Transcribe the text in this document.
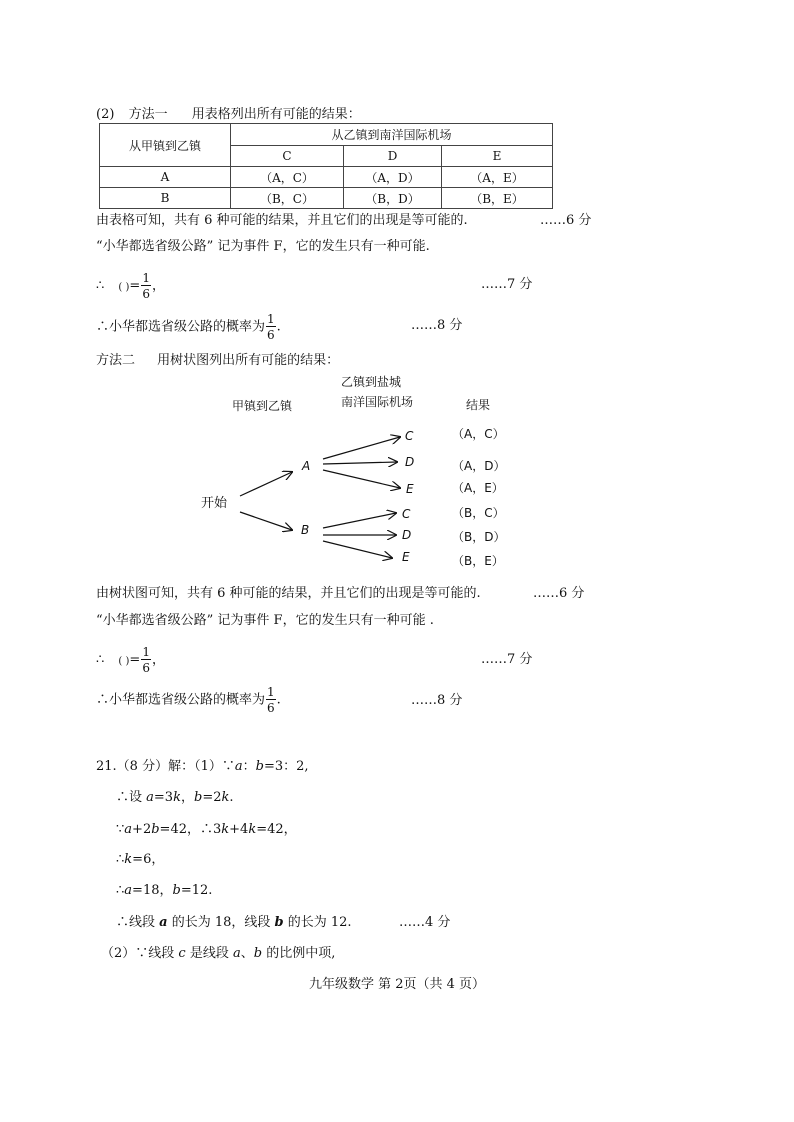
(2) 方法一 用表格列出所有可能的结果：
从甲镇到乙镇	从乙镇到南洋国际机场		
	C	D	E
A	（A，C）	（A，D）	（A，E）
B	（B，C）	（B，D）	（B，E）
由表格可知，共有 6 种可能的结果，并且它们的出现是等可能的.	……6 分
“小华都选省级公路” 记为事件 F，它的发生只有一种可能.
∴ ( )= $\frac{1}{6}$ ，	……7 分
∴小华都选省级公路的概率为 $\frac{1}{6}$ .	……8 分
方法二 用树状图列出所有可能的结果：
甲镇到乙镇
乙镇到盐城
南洋国际机场	结果
开始
A
B
C
D
E
C
D
E
（A，C）
（A，D）
（A，E）
（B，C）
（B，D）
（B，E）
由树状图可知，共有 6 种可能的结果，并且它们的出现是等可能的.	……6 分
“小华都选省级公路” 记为事件 F，它的发生只有一种可能 .
∴ ( )= $\frac{1}{6}$ ，	……7 分
∴小华都选省级公路的概率为 $\frac{1}{6}$ .	……8 分
21.（8 分）解：（1）∵a：b=3：2,
∴设 a=3k，b=2k.
∵a+2b=42，∴3k+4k=42，
∴k=6，
∴a=18，b=12.
∴线段 a 的长为 18，线段 b 的长为 12.	……4 分
（2）∵线段 c 是线段 a、b 的比例中项,
九年级数学 第 2页（共 4 页）
